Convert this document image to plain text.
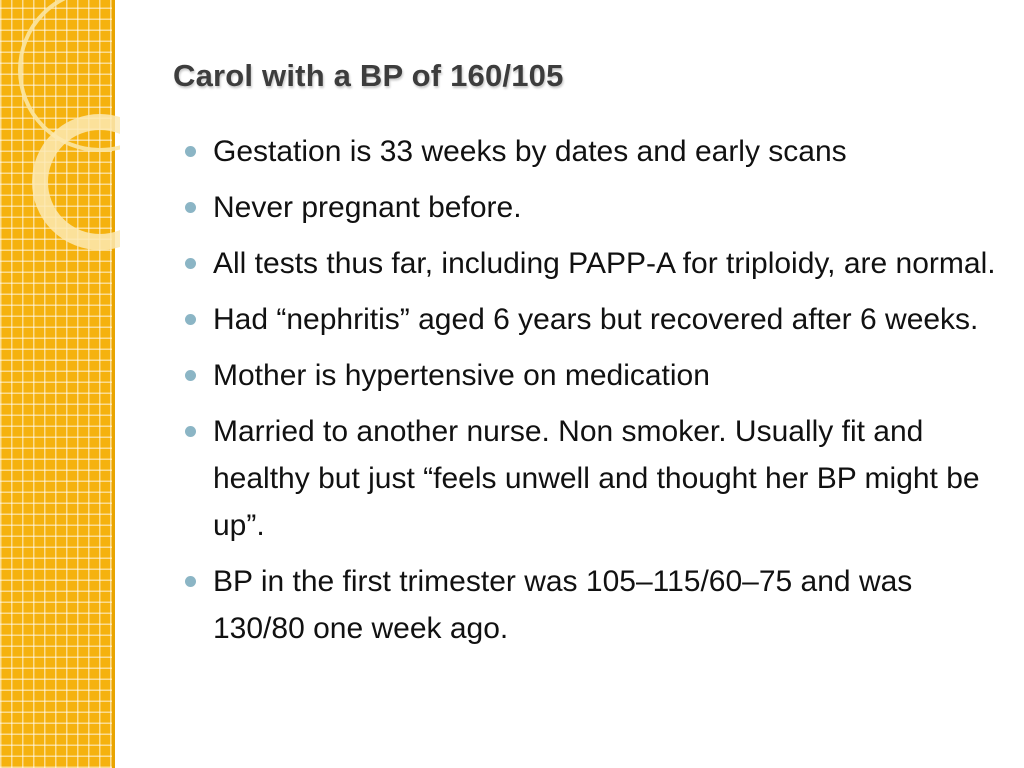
Carol with a BP of 160/105
Gestation is 33 weeks by dates and early scans
Never pregnant before.
All tests thus far, including PAPP-A for triploidy, are normal.
Had “nephritis” aged 6 years but recovered after 6 weeks.
Mother is hypertensive on medication
Married to another nurse. Non smoker. Usually fit and healthy but just “feels unwell and thought her BP might be up”.
BP in the first trimester was 105–115/60–75 and was 130/80 one week ago.
